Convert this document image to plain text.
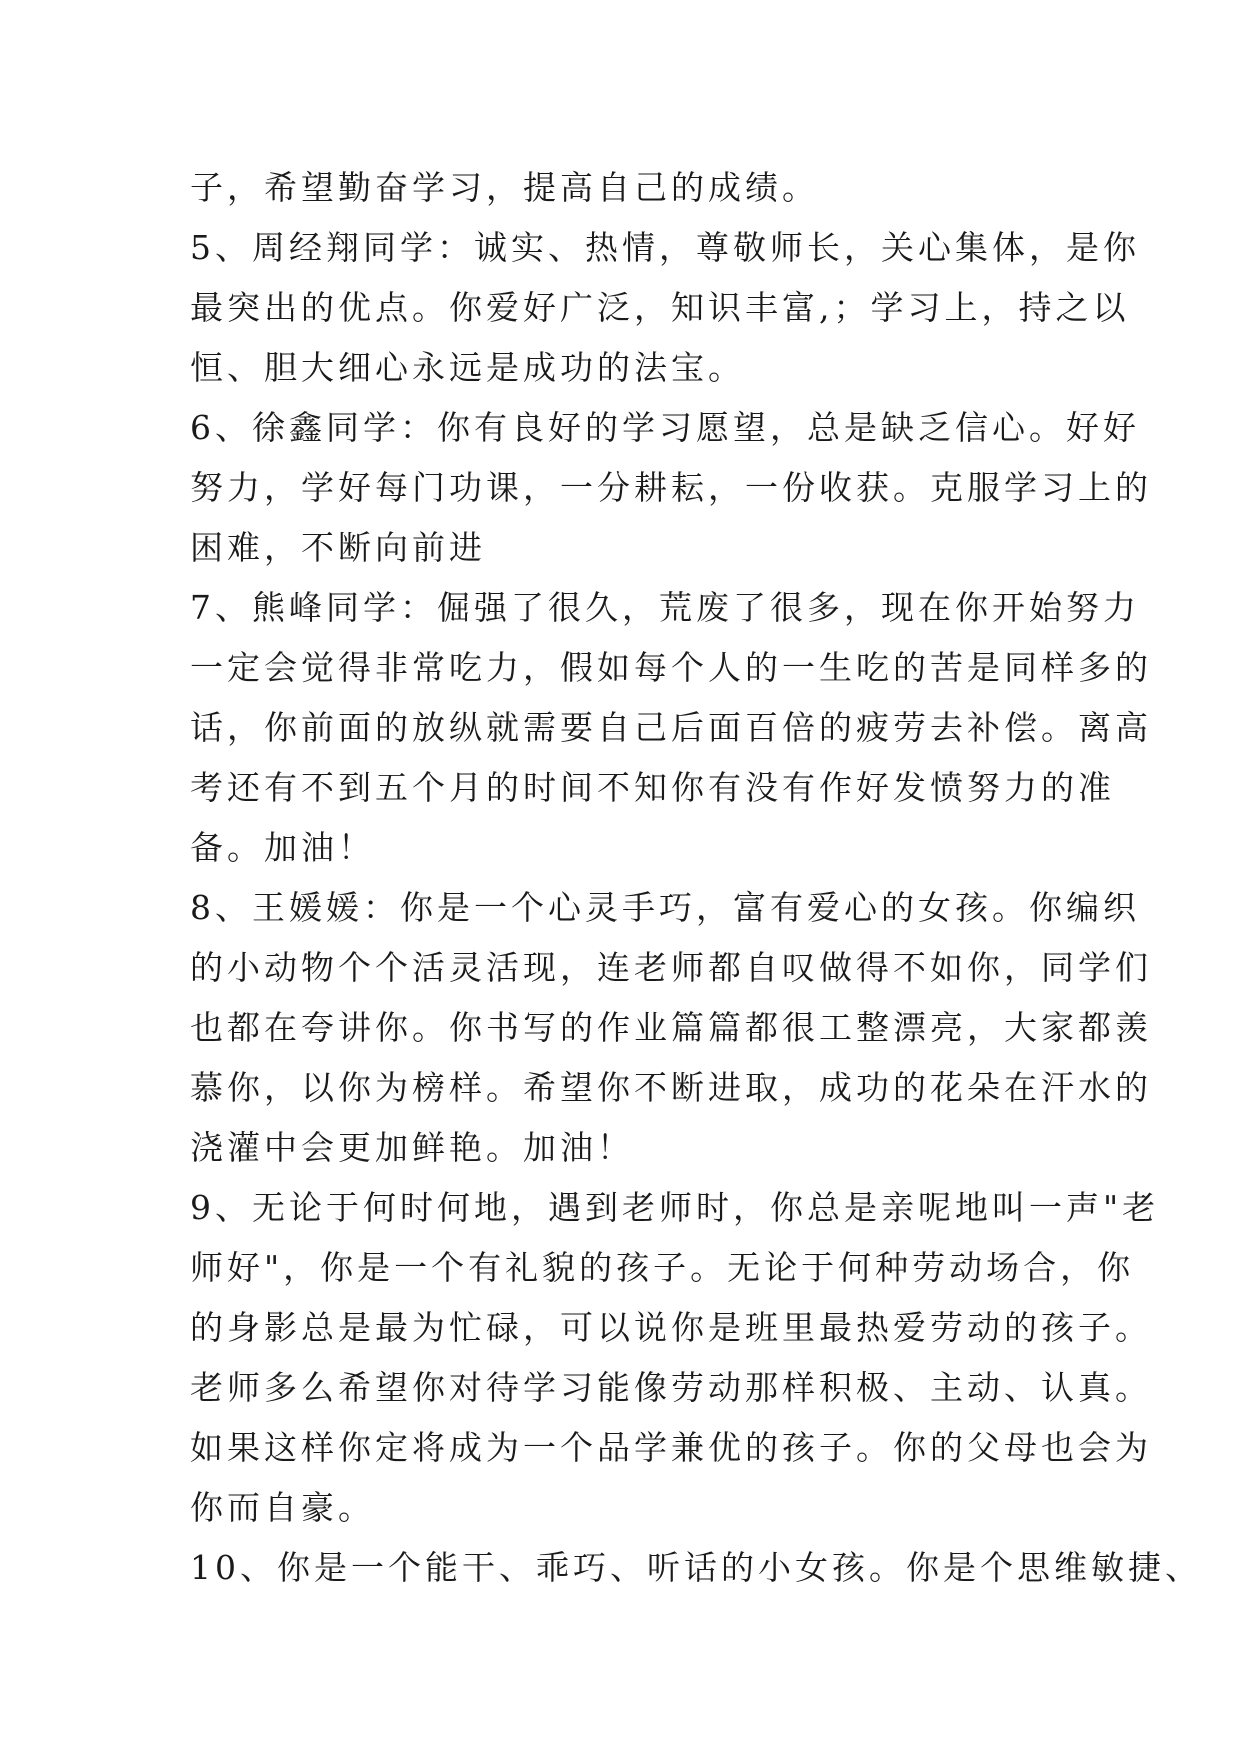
子，希望勤奋学习，提高自己的成绩。
5、周经翔同学：诚实、热情，尊敬师长，关心集体，是你
最突出的优点。你爱好广泛，知识丰富,；学习上，持之以
恒、胆大细心永远是成功的法宝。
6、徐鑫同学：你有良好的学习愿望，总是缺乏信心。好好
努力，学好每门功课，一分耕耘，一份收获。克服学习上的
困难，不断向前进
7、熊峰同学：倔强了很久，荒废了很多，现在你开始努力
一定会觉得非常吃力，假如每个人的一生吃的苦是同样多的
话，你前面的放纵就需要自己后面百倍的疲劳去补偿。离高
考还有不到五个月的时间不知你有没有作好发愤努力的准
备。加油！
8、王媛媛：你是一个心灵手巧，富有爱心的女孩。你编织
的小动物个个活灵活现，连老师都自叹做得不如你，同学们
也都在夸讲你。你书写的作业篇篇都很工整漂亮，大家都羡
慕你，以你为榜样。希望你不断进取，成功的花朵在汗水的
浇灌中会更加鲜艳。加油！
9、无论于何时何地，遇到老师时，你总是亲呢地叫一声"老
师好"，你是一个有礼貌的孩子。无论于何种劳动场合，你
的身影总是最为忙碌，可以说你是班里最热爱劳动的孩子。
老师多么希望你对待学习能像劳动那样积极、主动、认真。
如果这样你定将成为一个品学兼优的孩子。你的父母也会为
你而自豪。
10、你是一个能干、乖巧、听话的小女孩。你是个思维敏捷、
